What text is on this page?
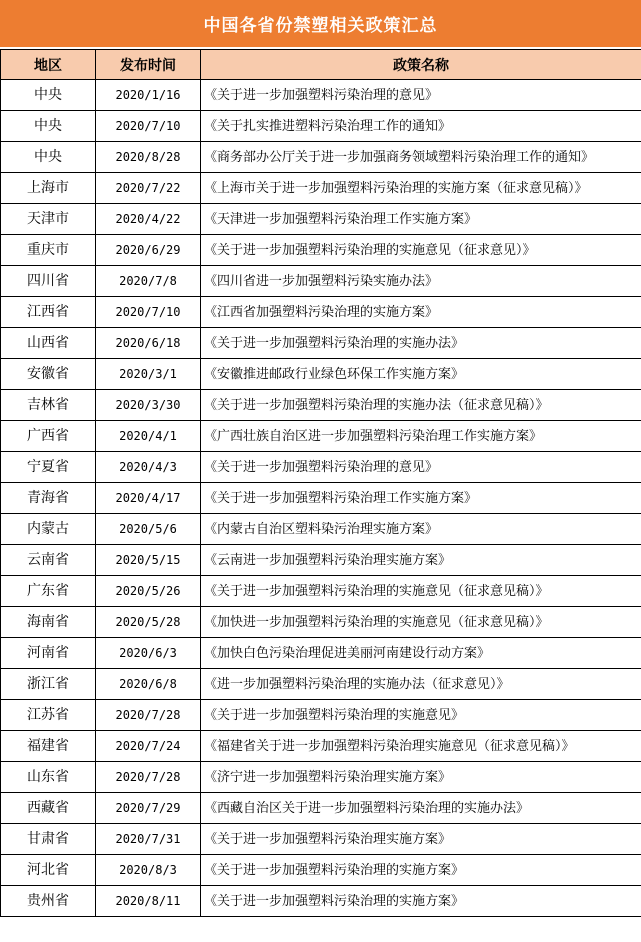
中国各省份禁塑相关政策汇总
地区	发布时间	政策名称
中央	2020/1/16	《关于进一步加强塑料污染治理的意见》
中央	2020/7/10	《关于扎实推进塑料污染治理工作的通知》
中央	2020/8/28	《商务部办公厅关于进一步加强商务领域塑料污染治理工作的通知》
上海市	2020/7/22	《上海市关于进一步加强塑料污染治理的实施方案（征求意见稿）》
天津市	2020/4/22	《天津进一步加强塑料污染治理工作实施方案》
重庆市	2020/6/29	《关于进一步加强塑料污染治理的实施意见（征求意见）》
四川省	2020/7/8	《四川省进一步加强塑料污染实施办法》
江西省	2020/7/10	《江西省加强塑料污染治理的实施方案》
山西省	2020/6/18	《关于进一步加强塑料污染治理的实施办法》
安徽省	2020/3/1	《安徽推进邮政行业绿色环保工作实施方案》
吉林省	2020/3/30	《关于进一步加强塑料污染治理的实施办法（征求意见稿）》
广西省	2020/4/1	《广西壮族自治区进一步加强塑料污染治理工作实施方案》
宁夏省	2020/4/3	《关于进一步加强塑料污染治理的意见》
青海省	2020/4/17	《关于进一步加强塑料污染治理工作实施方案》
内蒙古	2020/5/6	《内蒙古自治区塑料染污治理实施方案》
云南省	2020/5/15	《云南进一步加强塑料污染治理实施方案》
广东省	2020/5/26	《关于进一步加强塑料污染治理的实施意见（征求意见稿）》
海南省	2020/5/28	《加快进一步加强塑料污染治理的实施意见（征求意见稿）》
河南省	2020/6/3	《加快白色污染治理促进美丽河南建设行动方案》
浙江省	2020/6/8	《进一步加强塑料污染治理的实施办法（征求意见）》
江苏省	2020/7/28	《关于进一步加强塑料污染治理的实施意见》
福建省	2020/7/24	《福建省关于进一步加强塑料污染治理实施意见（征求意见稿）》
山东省	2020/7/28	《济宁进一步加强塑料污染治理实施方案》
西藏省	2020/7/29	《西藏自治区关于进一步加强塑料污染治理的实施办法》
甘肃省	2020/7/31	《关于进一步加强塑料污染治理实施方案》
河北省	2020/8/3	《关于进一步加强塑料污染治理的实施方案》
贵州省	2020/8/11	《关于进一步加强塑料污染治理的实施方案》
